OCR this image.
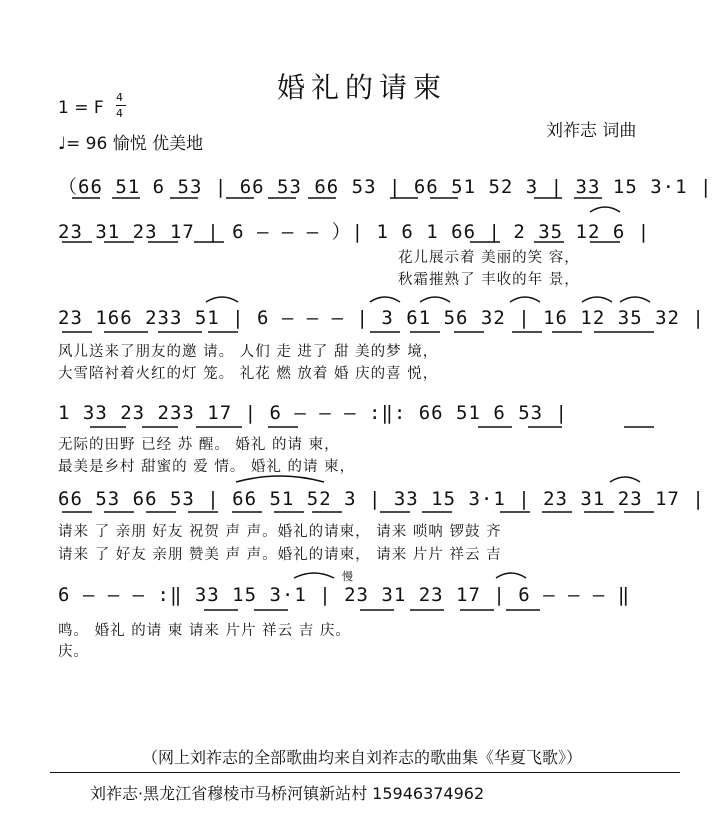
婚礼的请柬
1 = F
4
4
♩= 96 愉悦 优美地
刘祚志 词曲
（66 51 6 53 | 66 53 66 53 | 66 51 52 3 | 33 15 3·1 |
23 31 23 17 | 6 — — — ）| 1 6 1 66 | 2 35 12 6 |
花儿展示着 美丽的笑 容，
秋霜摧熟了 丰收的年 景，
23 166 233 51 | 6 — — — | 3 61 56 32 | 16 12 35 32 |
风儿送来了朋友的邀 请。 人们 走 进了 甜 美的梦 境，
大雪陪衬着火红的灯 笼。 礼花 燃 放着 婚 庆的喜 悦，
1 33 23 233 17 | 6 — — — :‖: 66 51 6 53 |
无际的田野 已经 苏 醒。 婚礼 的请 柬，
最美是乡村 甜蜜的 爱 情。 婚礼 的请 柬，
66 53 66 53 | 66 51 52 3 | 33 15 3·1 | 23 31 23 17 |
请来 了 亲朋 好友 祝贺 声 声。婚礼的请柬， 请来 唢呐 锣鼓 齐
请来 了 好友 亲朋 赞美 声 声。婚礼的请柬， 请来 片片 祥云 吉
慢
6 — — — :‖ 33 15 3·1 | 23 31 23 17 | 6 — — — ‖
鸣。 婚礼 的请 柬 请来 片片 祥云 吉 庆。
庆。
（网上刘祚志的全部歌曲均来自刘祚志的歌曲集《华夏飞歌》）
刘祚志·黑龙江省穆棱市马桥河镇新站村 15946374962
